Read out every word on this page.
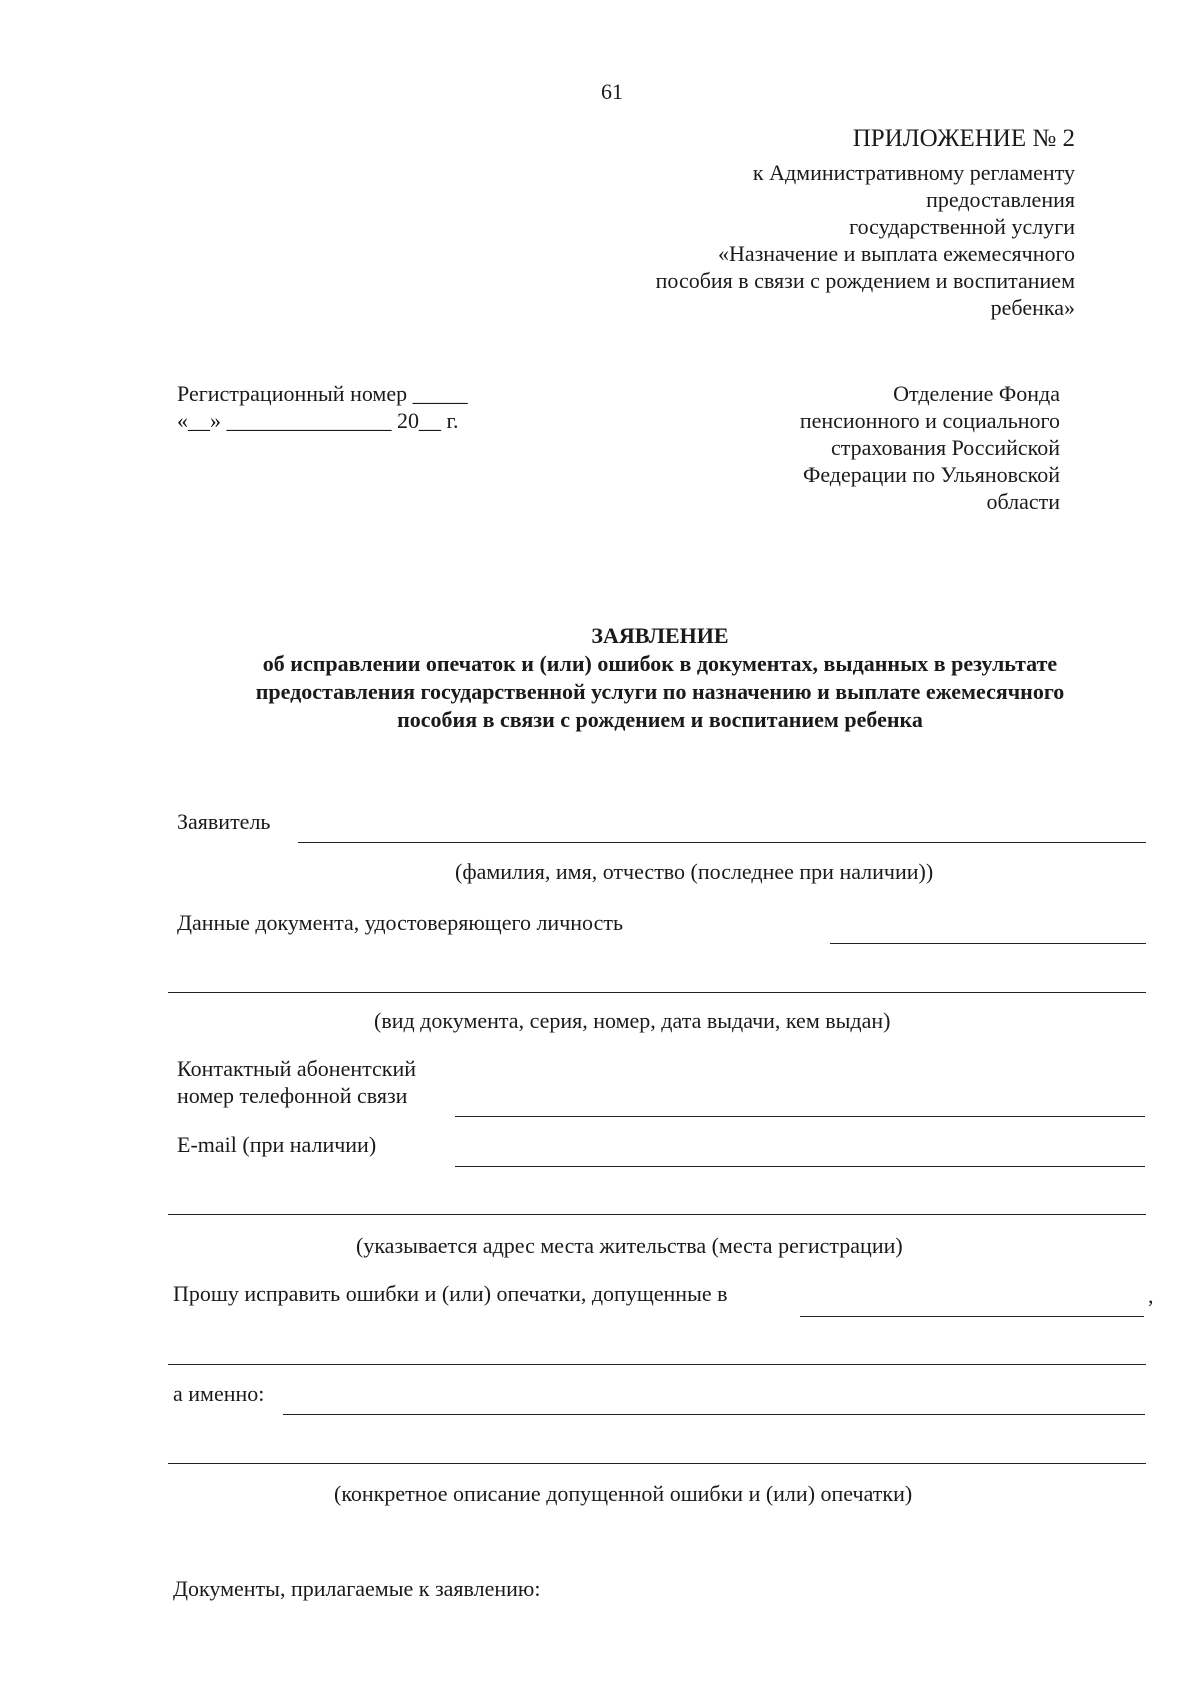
61
ПРИЛОЖЕНИЕ № 2
к Административному регламенту
предоставления
государственной услуги
«Назначение и выплата ежемесячного
пособия в связи с рождением и воспитанием
ребенка»
Регистрационный номер _____
«__» _______________ 20__ г.
Отделение Фонда
пенсионного и социального
страхования Российской
Федерации по Ульяновской
области
ЗАЯВЛЕНИЕ
об исправлении опечаток и (или) ошибок в документах, выданных в результате
предоставления государственной услуги по назначению и выплате ежемесячного
пособия в связи с рождением и воспитанием ребенка
Заявитель
(фамилия, имя, отчество (последнее при наличии))
Данные документа, удостоверяющего личность
(вид документа, серия, номер, дата выдачи, кем выдан)
Контактный абонентский
номер телефонной связи
E-mail (при наличии)
(указывается адрес места жительства (места регистрации)
Прошу исправить ошибки и (или) опечатки, допущенные в	,
а именно:
(конкретное описание допущенной ошибки и (или) опечатки)
Документы, прилагаемые к заявлению:
